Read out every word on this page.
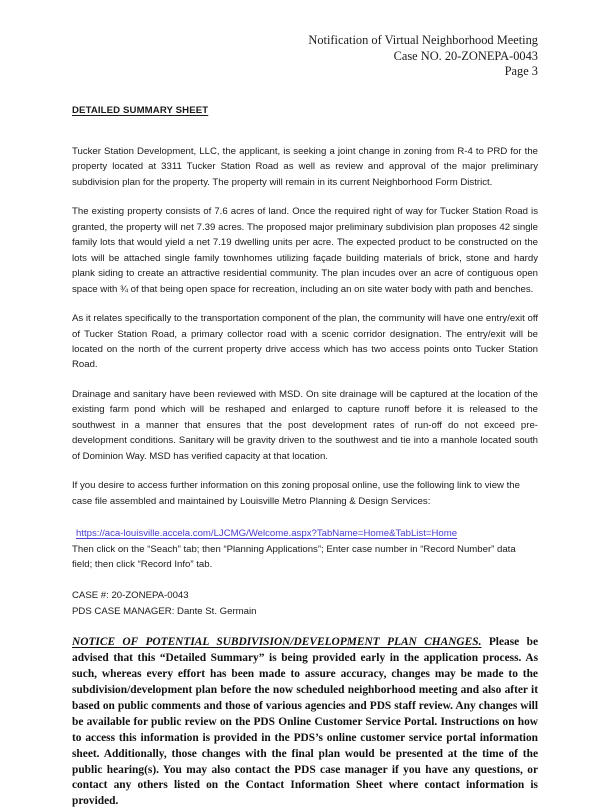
Notification of Virtual Neighborhood Meeting
Case NO. 20-ZONEPA-0043
Page 3
DETAILED SUMMARY SHEET

Tucker Station Development, LLC, the applicant, is seeking a joint change in zoning from R-4 to PRD for the property located at 3311 Tucker Station Road as well as review and approval of the major preliminary subdivision plan for the property. The property will remain in its current Neighborhood Form District.

The existing property consists of 7.6 acres of land. Once the required right of way for Tucker Station Road is granted, the property will net 7.39 acres. The proposed major preliminary subdivision plan proposes 42 single family lots that would yield a net 7.19 dwelling units per acre. The expected product to be constructed on the lots will be attached single family townhomes utilizing façade building materials of brick, stone and hardy plank siding to create an attractive residential community. The plan incudes over an acre of contiguous open space with ¾ of that being open space for recreation, including an on site water body with path and benches.

As it relates specifically to the transportation component of the plan, the community will have one entry/exit off of Tucker Station Road, a primary collector road with a scenic corridor designation. The entry/exit will be located on the north of the current property drive access which has two access points onto Tucker Station Road.

Drainage and sanitary have been reviewed with MSD. On site drainage will be captured at the location of the existing farm pond which will be reshaped and enlarged to capture runoff before it is released to the southwest in a manner that ensures that the post development rates of run-off do not exceed pre-development conditions. Sanitary will be gravity driven to the southwest and tie into a manhole located south of Dominion Way. MSD has verified capacity at that location.

If you desire to access further information on this zoning proposal online, use the following link to view the case file assembled and maintained by Louisville Metro Planning & Design Services:

https://aca-louisville.accela.com/LJCMG/Welcome.aspx?TabName=Home&TabList=Home

Then click on the “Seach” tab; then “Planning Applications”; Enter case number in “Record Number” data field; then click “Record Info” tab.

CASE #: 20-ZONEPA-0043
PDS CASE MANAGER: Dante St. Germain

NOTICE OF POTENTIAL SUBDIVISION/DEVELOPMENT PLAN CHANGES. Please be advised that this “Detailed Summary” is being provided early in the application process. As such, whereas every effort has been made to assure accuracy, changes may be made to the subdivision/development plan before the now scheduled neighborhood meeting and also after it based on public comments and those of various agencies and PDS staff review. Any changes will be available for public review on the PDS Online Customer Service Portal. Instructions on how to access this information is provided in the PDS’s online customer service portal information sheet. Additionally, those changes with the final plan would be presented at the time of the public hearing(s). You may also contact the PDS case manager if you have any questions, or contact any others listed on the Contact Information Sheet where contact information is provided.
